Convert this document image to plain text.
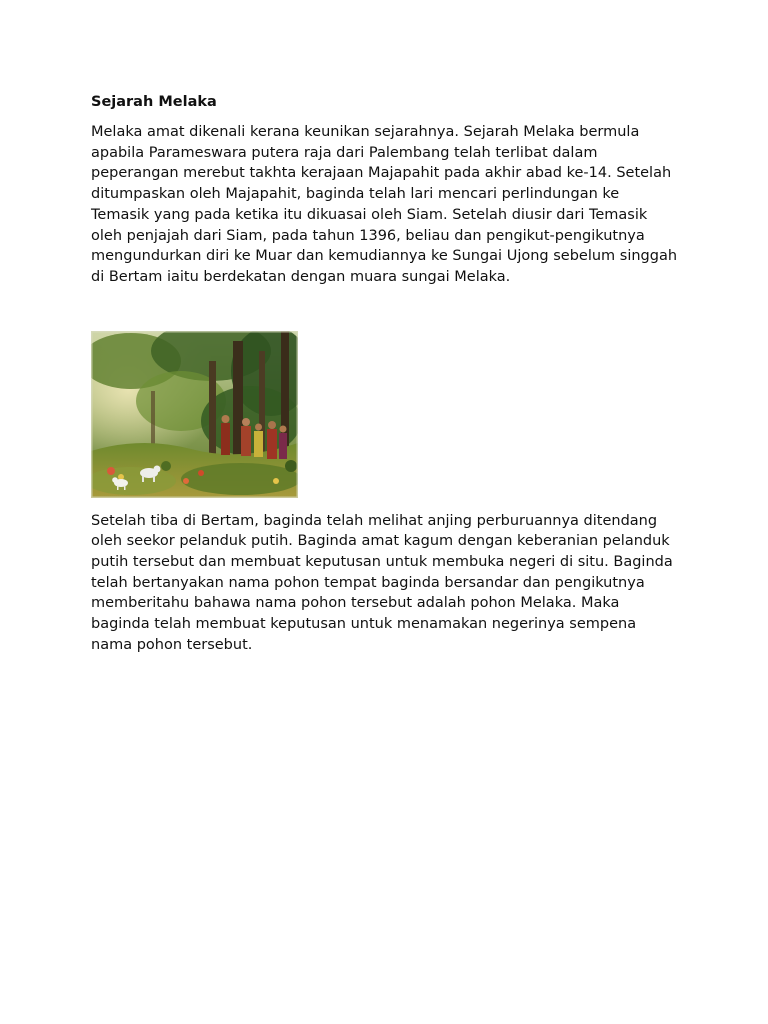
Sejarah Melaka

Melaka amat dikenali kerana keunikan sejarahnya. Sejarah Melaka bermula apabila Parameswara putera raja dari Palembang telah terlibat dalam peperangan merebut takhta kerajaan Majapahit pada akhir abad ke-14. Setelah ditumpaskan oleh Majapahit, baginda telah lari mencari perlindungan ke Temasik yang pada ketika itu dikuasai oleh Siam. Setelah diusir dari Temasik oleh penjajah dari Siam, pada tahun 1396, beliau dan pengikut-pengikutnya mengundurkan diri ke Muar dan kemudiannya ke Sungai Ujong sebelum singgah di Bertam iaitu berdekatan dengan muara sungai Melaka.

Setelah tiba di Bertam, baginda telah melihat anjing perburuannya ditendang oleh seekor pelanduk putih. Baginda amat kagum dengan keberanian pelanduk putih tersebut dan membuat keputusan untuk membuka negeri di situ. Baginda telah bertanyakan nama pohon tempat baginda bersandar dan pengikutnya memberitahu bahawa nama pohon tersebut adalah pohon Melaka. Maka baginda telah membuat keputusan untuk menamakan negerinya sempena nama pohon tersebut.
